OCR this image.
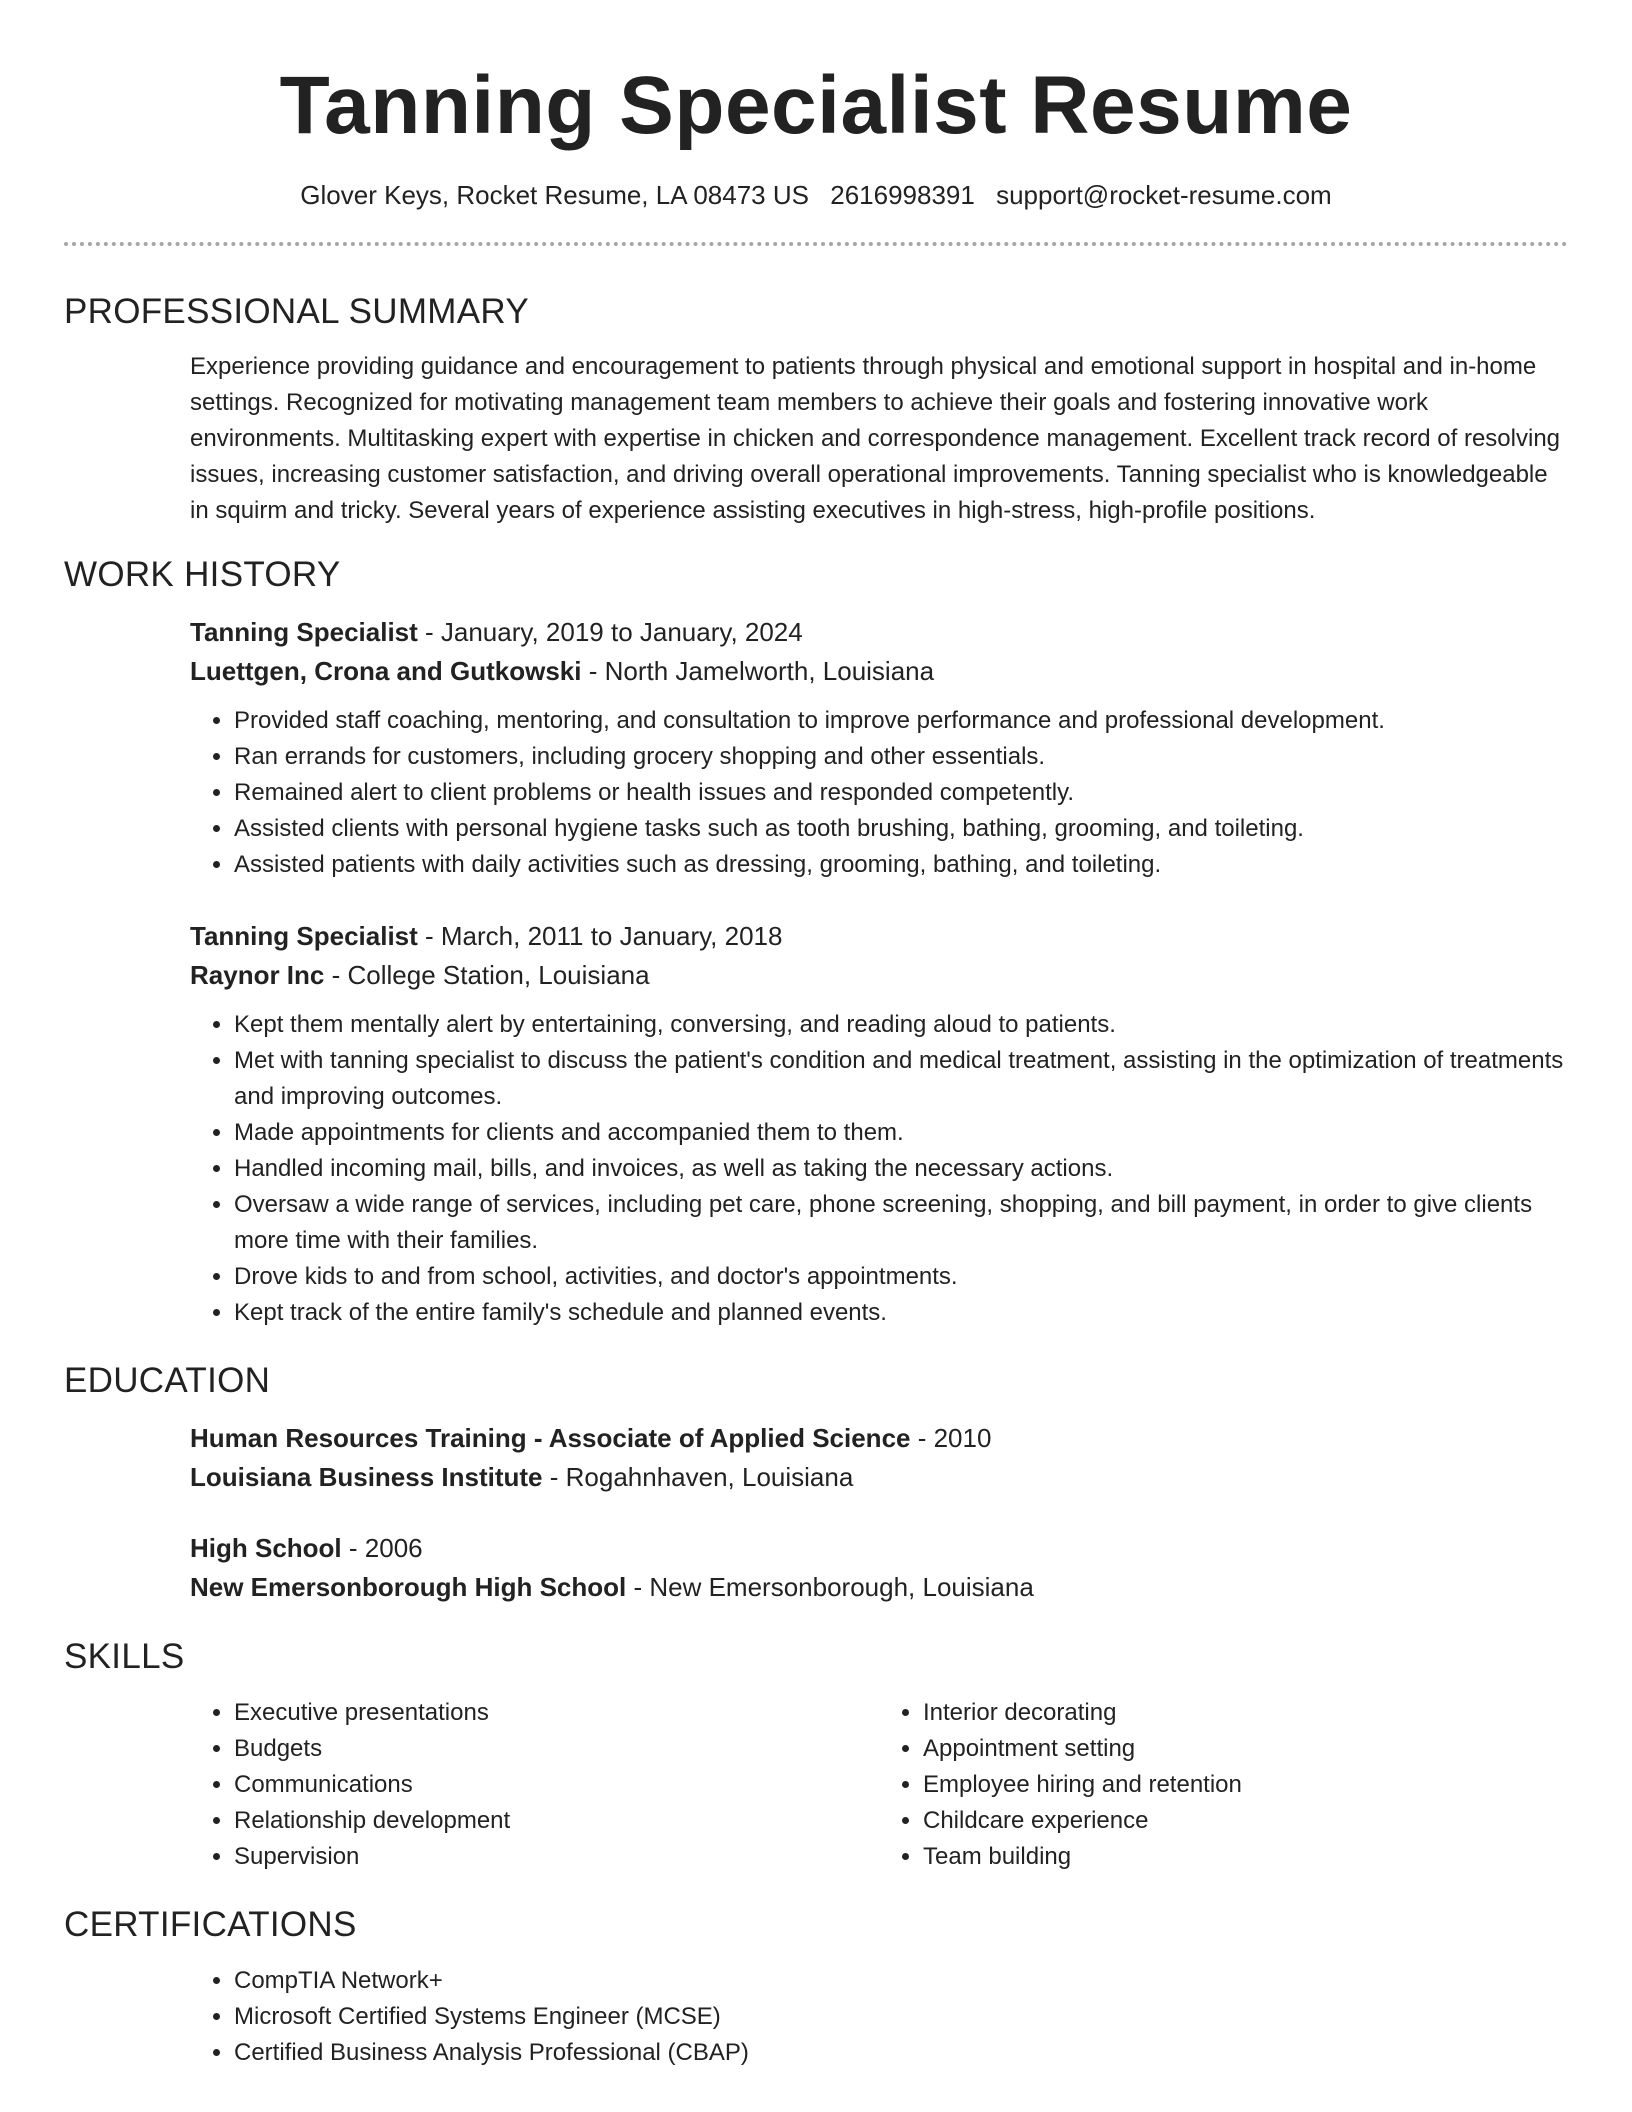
Tanning Specialist Resume
Glover Keys, Rocket Resume, LA 08473 US 2616998391 support@rocket-resume.com
PROFESSIONAL SUMMARY

Experience providing guidance and encouragement to patients through physical and emotional support in hospital and in-home settings. Recognized for motivating management team members to achieve their goals and fostering innovative work environments. Multitasking expert with expertise in chicken and correspondence management. Excellent track record of resolving issues, increasing customer satisfaction, and driving overall operational improvements. Tanning specialist who is knowledgeable in squirm and tricky. Several years of experience assisting executives in high-stress, high-profile positions.

WORK HISTORY

Tanning Specialist - January, 2019 to January, 2024

Luettgen, Crona and Gutkowski - North Jamelworth, Louisiana

• Provided staff coaching, mentoring, and consultation to improve performance and professional development.
• Ran errands for customers, including grocery shopping and other essentials.
• Remained alert to client problems or health issues and responded competently.
• Assisted clients with personal hygiene tasks such as tooth brushing, bathing, grooming, and toileting.
• Assisted patients with daily activities such as dressing, grooming, bathing, and toileting.

Tanning Specialist - March, 2011 to January, 2018

Raynor Inc - College Station, Louisiana

• Kept them mentally alert by entertaining, conversing, and reading aloud to patients.
• Met with tanning specialist to discuss the patient's condition and medical treatment, assisting in the optimization of treatments and improving outcomes.
• Made appointments for clients and accompanied them to them.
• Handled incoming mail, bills, and invoices, as well as taking the necessary actions.
• Oversaw a wide range of services, including pet care, phone screening, shopping, and bill payment, in order to give clients more time with their families.
• Drove kids to and from school, activities, and doctor's appointments.
• Kept track of the entire family's schedule and planned events.
EDUCATION

Human Resources Training - Associate of Applied Science - 2010

Louisiana Business Institute - Rogahnhaven, Louisiana

High School - 2006

New Emersonborough High School - New Emersonborough, Louisiana

SKILLS
• Executive presentations
• Budgets
• Communications
• Relationship development
• Supervision
• Interior decorating
• Appointment setting
• Employee hiring and retention
• Childcare experience
• Team building
CERTIFICATIONS
• CompTIA Network+
• Microsoft Certified Systems Engineer (MCSE)
• Certified Business Analysis Professional (CBAP)
